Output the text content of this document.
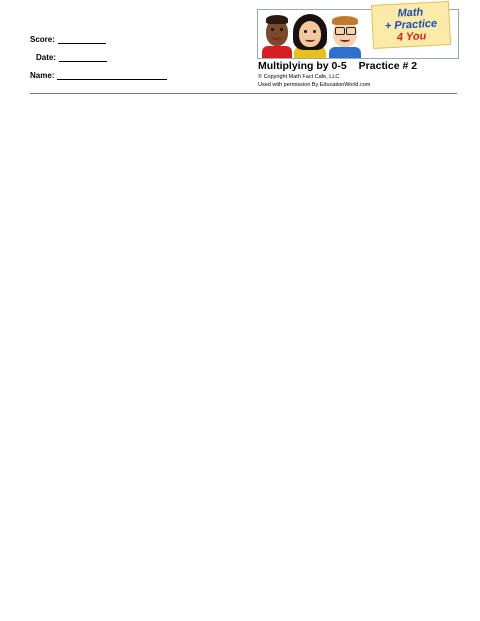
Score:
Date:
Name:
Math
+ Practice
4 You
Multiplying by 0-5 Practice # 2
© Copyright Math Fact Cafe, LLC
Used with permission By EducationWorld.com
